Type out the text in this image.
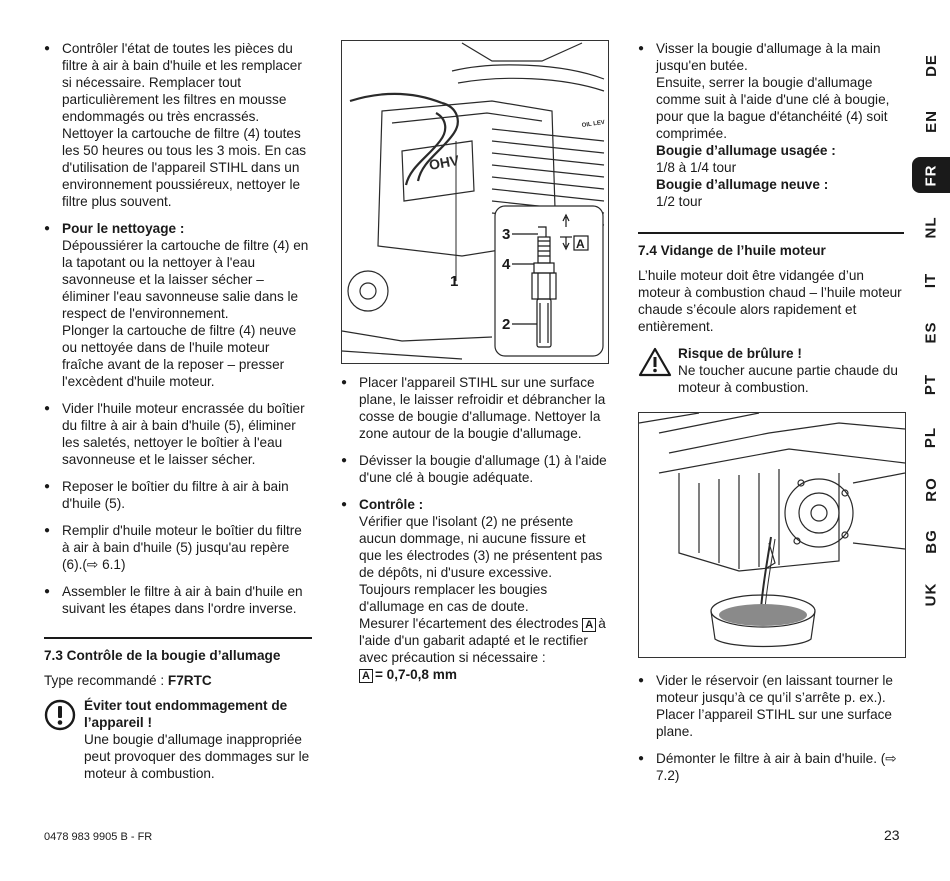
● Contrôler l'état de toutes les pièces du filtre à air à bain d'huile et les remplacer si nécessaire. Remplacer tout particulièrement les filtres en mousse endommagés ou très encrassés. Nettoyer la cartouche de filtre (4) toutes les 50 heures ou tous les 3 mois. En cas d'utilisation de l'appareil STIHL dans un environnement poussiéreux, nettoyer le filtre plus souvent.
● Pour le nettoyage :
Dépoussiérer la cartouche de filtre (4) en la tapotant ou la nettoyer à l'eau savonneuse et la laisser sécher – éliminer l'eau savonneuse salie dans le respect de l'environnement.
Plonger la cartouche de filtre (4) neuve ou nettoyée dans de l'huile moteur fraîche avant de la reposer – presser l'excèdent d'huile moteur.
● Vider l'huile moteur encrassée du boîtier du filtre à air à bain d'huile (5), éliminer les saletés, nettoyer le boîtier à l'eau savonneuse et le laisser sécher.
● Reposer le boîtier du filtre à air à bain d'huile (5).
● Remplir d'huile moteur le boîtier du filtre à air à bain d'huile (5) jusqu'au repère (6).(⇨ 6.1)
● Assembler le filtre à air à bain d'huile en suivant les étapes dans l'ordre inverse.
7.3 Contrôle de la bougie d’allumage
Type recommandé : F7RTC
Éviter tout endommagement de l’appareil !
Une bougie d'allumage inappropriée peut provoquer des dommages sur le moteur à combustion.
OHV
OIL LEV
1
A
3
4
2
● Placer l'appareil STIHL sur une surface plane, le laisser refroidir et débrancher la cosse de bougie d'allumage. Nettoyer la zone autour de la bougie d'allumage.
● Dévisser la bougie d'allumage (1) à l'aide d'une clé à bougie adéquate.
● Contrôle :
Vérifier que l'isolant (2) ne présente aucun dommage, ni aucune fissure et que les électrodes (3) ne présentent pas de dépôts, ni d'usure excessive.
Toujours remplacer les bougies d'allumage en cas de doute.
Mesurer l'écartement des électrodes A à l'aide d'un gabarit adapté et le rectifier avec précaution si nécessaire :
A = 0,7-0,8 mm
● Visser la bougie d'allumage à la main jusqu'en butée.
Ensuite, serrer la bougie d'allumage comme suit à l'aide d'une clé à bougie, pour que la bague d'étanchéité (4) soit comprimée.
Bougie d’allumage usagée :
1/8 à 1/4 tour
Bougie d’allumage neuve :
1/2 tour
7.4 Vidange de l’huile moteur

L’huile moteur doit être vidangée d’un moteur à combustion chaud – l’huile moteur chaude s’écoule alors rapidement et entièrement.

Risque de brûlure !
Ne toucher aucune partie chaude du moteur à combustion.
● Vider le réservoir (en laissant tourner le moteur jusqu’à ce qu’il s’arrête p. ex.). Placer l’appareil STIHL sur une surface plane.
● Démonter le filtre à air à bain d'huile. (⇨ 7.2)
DE
EN
FR
NL
IT
ES
PT
PL
RO
BG
UK
0478 983 9905 B - FR	23
